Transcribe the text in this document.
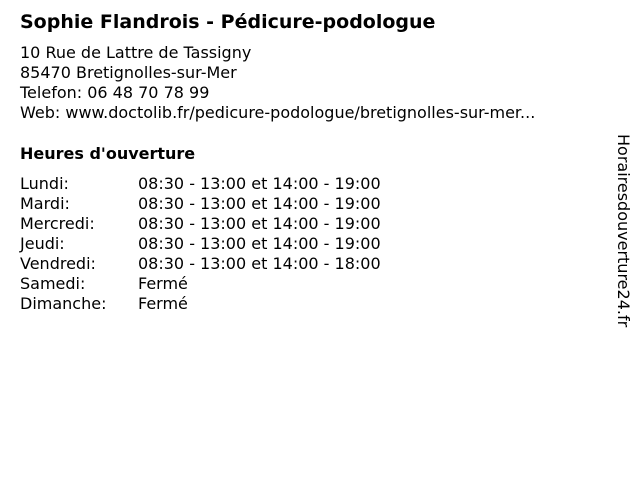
Sophie Flandrois - Pédicure-podologue
10 Rue de Lattre de Tassigny
85470 Bretignolles-sur-Mer
Telefon: 06 48 70 78 99
Web: www.doctolib.fr/pedicure-podologue/bretignolles-sur-mer...
Heures d'ouverture
Lundi:	08:30 - 13:00 et 14:00 - 19:00
Mardi:	08:30 - 13:00 et 14:00 - 19:00
Mercredi:	08:30 - 13:00 et 14:00 - 19:00
Jeudi:	08:30 - 13:00 et 14:00 - 19:00
Vendredi:	08:30 - 13:00 et 14:00 - 18:00
Samedi:	Fermé
Dimanche: Fermé	Horairesdouverture24.fr
